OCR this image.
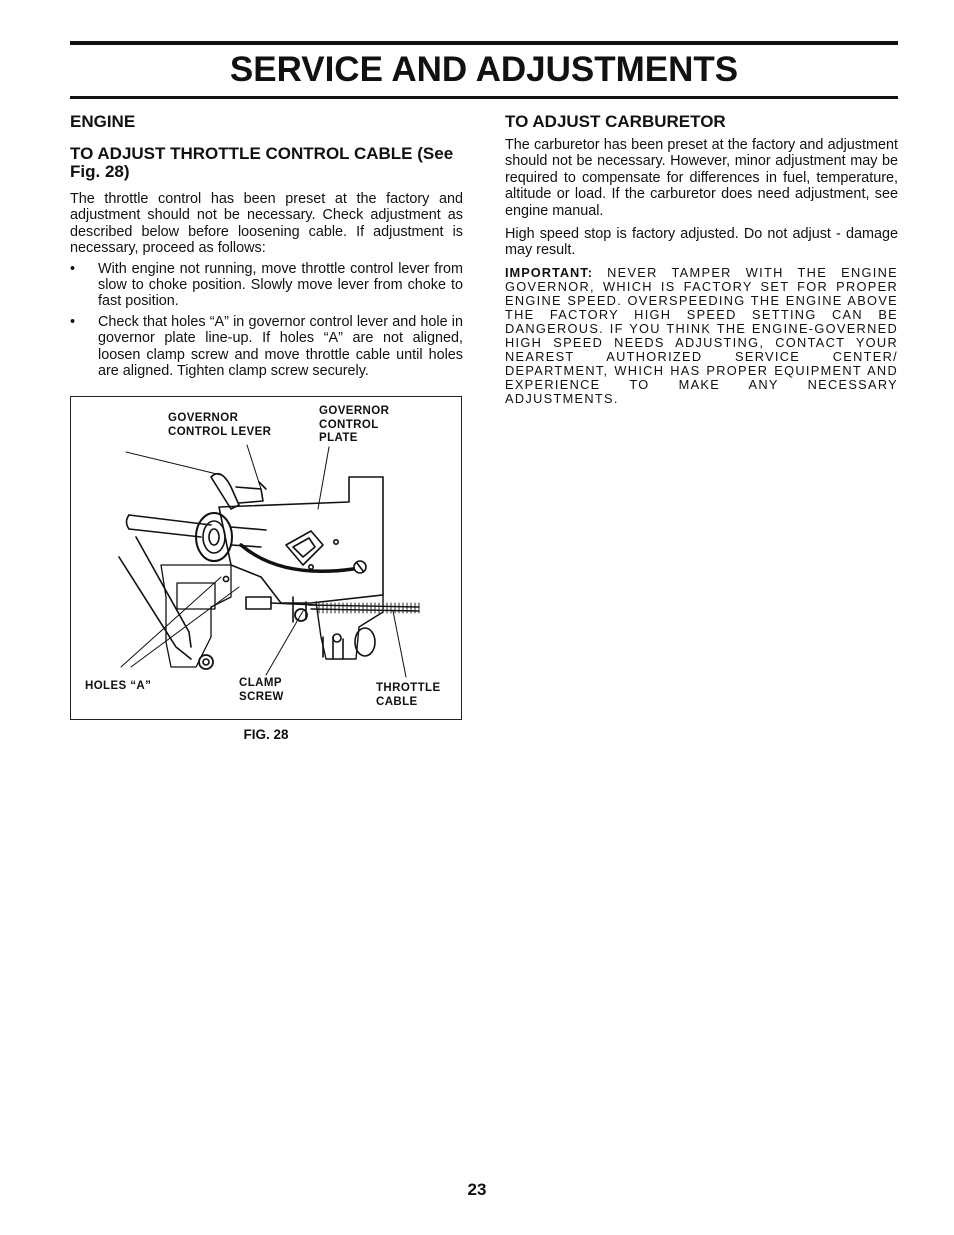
SERVICE AND ADJUSTMENTS
ENGINE
TO ADJUST THROTTLE CONTROL CABLE (See Fig. 28)

The throttle control has been preset at the factory and adjustment should not be necessary. Check adjustment as described below before loosening cable. If adjustment is necessary, proceed as follows:

• With engine not running, move throttle control lever from slow to choke position. Slowly move lever from choke to fast position.
• Check that holes “A” in governor control lever and hole in governor plate line-up. If holes “A” are not aligned, loosen clamp screw and move throttle cable until holes are aligned. Tighten clamp screw securely.
GOVERNOR
CONTROL LEVER
GOVERNOR
CONTROL
PLATE
HOLES “A”	CLAMP
SCREW
THROTTLE
CABLE
FIG. 28
TO ADJUST CARBURETOR

The carburetor has been preset at the factory and adjustment should not be necessary. However, minor adjustment may be required to compensate for differences in fuel, temperature, altitude or load. If the carburetor does need adjustment, see engine manual.

High speed stop is factory adjusted. Do not adjust - damage may result.

IMPORTANT: NEVER TAMPER WITH THE ENGINE GOVERNOR, WHICH IS FACTORY SET FOR PROPER ENGINE SPEED. OVERSPEEDING THE ENGINE ABOVE THE FACTORY HIGH SPEED SETTING CAN BE DANGEROUS. IF YOU THINK THE ENGINE-GOVERNED HIGH SPEED NEEDS ADJUSTING, CONTACT YOUR NEAREST AUTHORIZED SERVICE CENTER/ DEPARTMENT, WHICH HAS PROPER EQUIPMENT AND EXPERIENCE TO MAKE ANY NECESSARY ADJUSTMENTS.

23
